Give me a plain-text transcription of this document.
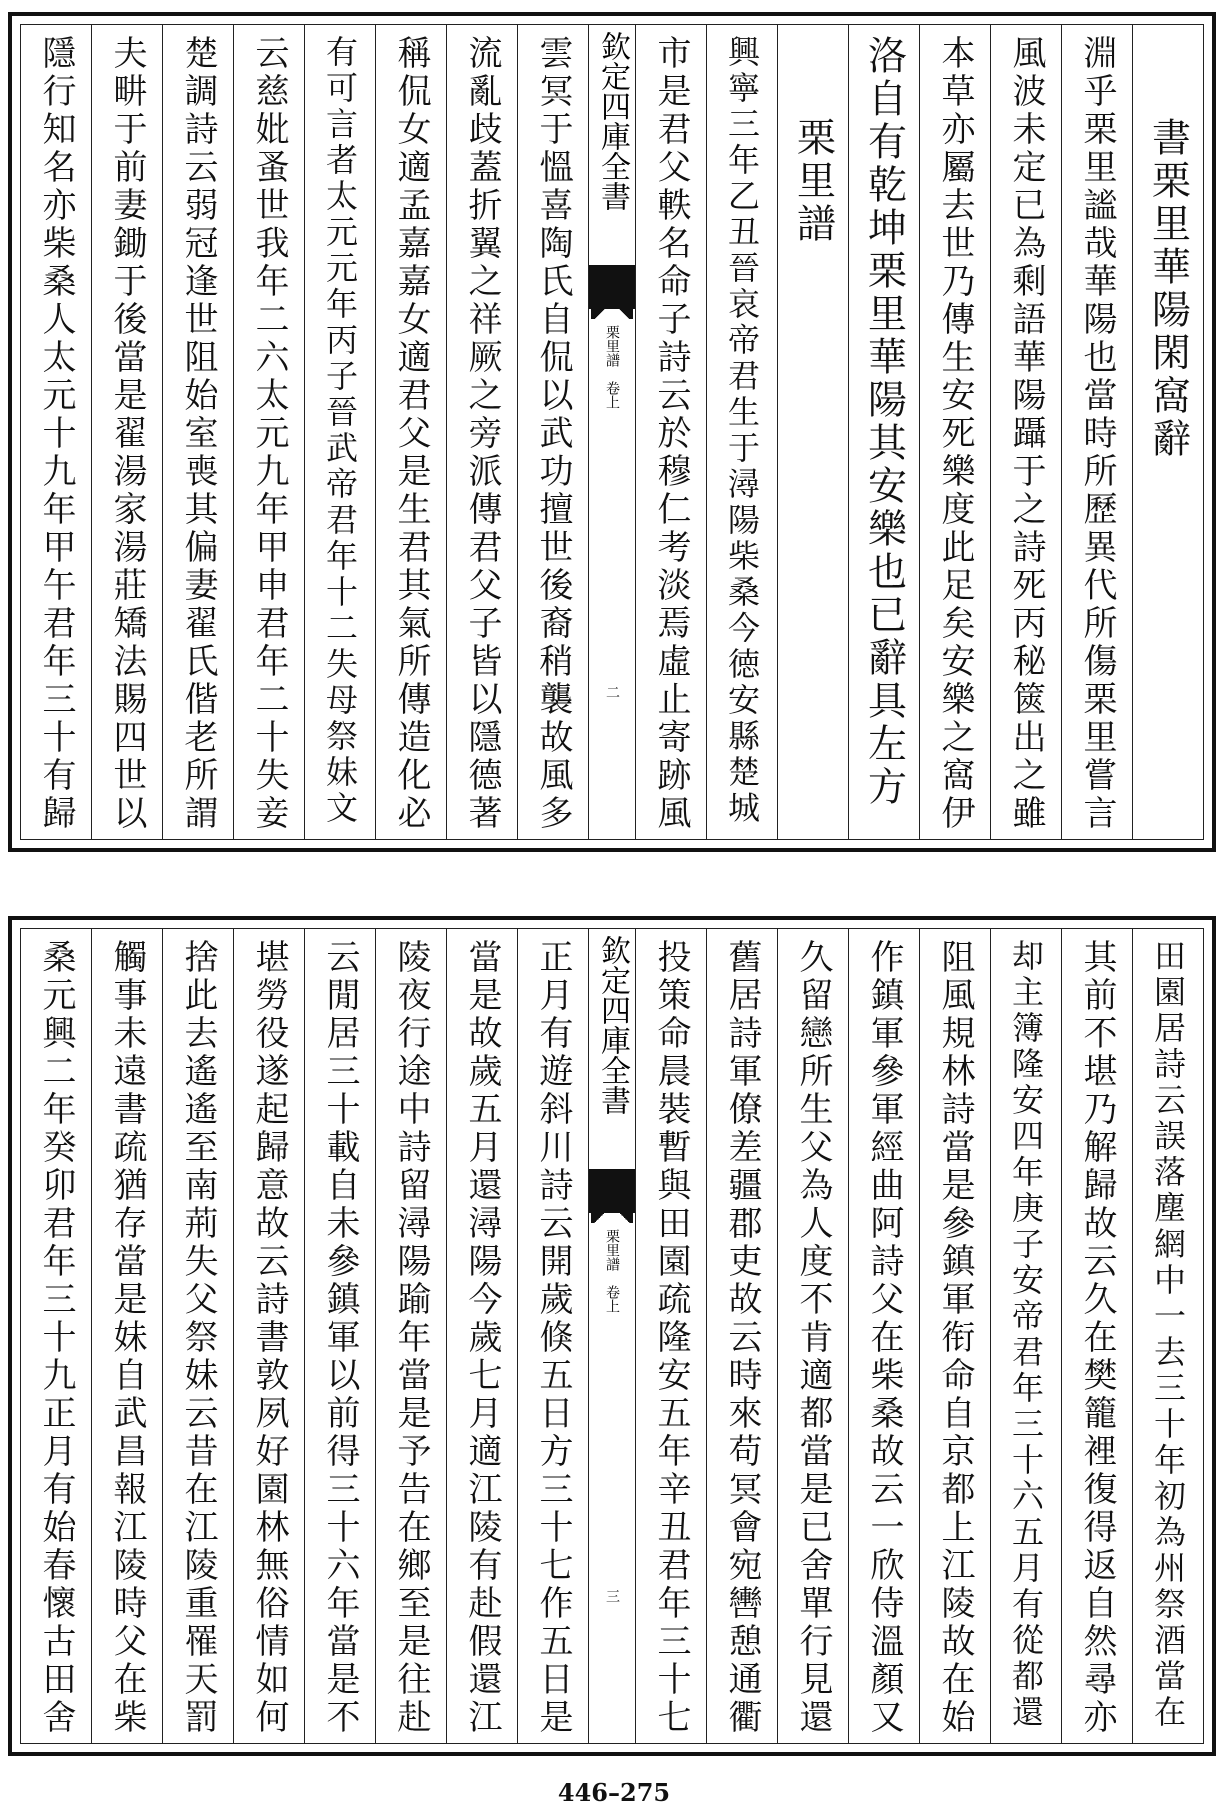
書栗里華陽閑窩辭
淵乎栗里謐哉華陽也當時所歷異代所傷栗里嘗言
風波未定已為剩語華陽躡于之詩死丙秘篋出之雖
本草亦屬去世乃傳生安死樂度此足矣安樂之窩伊
洛自有乾坤栗里華陽其安樂也已辭具左方
栗里譜
興寧三年乙丑晉哀帝君生于潯陽柴桑今徳安縣楚城
市是君父軼名命子詩云於穆仁考淡焉虛止寄跡風
欽定四庫全書
栗里譜

卷上
二
雲冥于慍喜陶氏自侃以武功擅世後裔稍襲故風多
流亂歧蓋折翼之祥厥之旁派傳君父子皆以隱德著
稱侃女適孟嘉嘉女適君父是生君其氣所傳造化必
有可言者太元元年丙子晉武帝君年十二失母祭妹文
云慈妣蚤世我年二六太元九年甲申君年二十失妾
楚調詩云弱冠逢世阻始室喪其偏妻翟氏偕老所謂
夫畊于前妻鋤于後當是翟湯家湯莊矯法賜四世以
隱行知名亦柴桑人太元十九年甲午君年三十有歸
田園居詩云誤落塵網中一去三十年初為州祭酒當在
其前不堪乃解歸故云久在樊籠裡復得返自然尋亦
却主簿隆安四年庚子安帝君年三十六五月有從都還
阻風規林詩當是參鎮軍衔命自京都上江陵故在始
作鎮軍參軍經曲阿詩父在柴桑故云一欣侍溫顏又
久留戀所生父為人度不肯適都當是已舍單行見還
舊居詩軍僚差疆郡吏故云時來苟冥會宛轡憩通衢
投策命晨裝暫與田園疏隆安五年辛丑君年三十七
欽定四庫全書
栗里譜

卷上
三
正月有遊斜川詩云開歲倏五日方三十七作五日是
當是故歲五月還潯陽今歲七月適江陵有赴假還江
陵夜行途中詩留潯陽踰年當是予告在鄉至是往赴
云閒居三十載自未參鎮軍以前得三十六年當是不
堪勞役遂起歸意故云詩書敦夙好園林無俗情如何
捨此去遙遙至南荊失父祭妹云昔在江陵重罹天罰
觸事未遠書疏猶存當是妹自武昌報江陵時父在柴
桑元興二年癸卯君年三十九正月有始春懷古田舍
446–275
